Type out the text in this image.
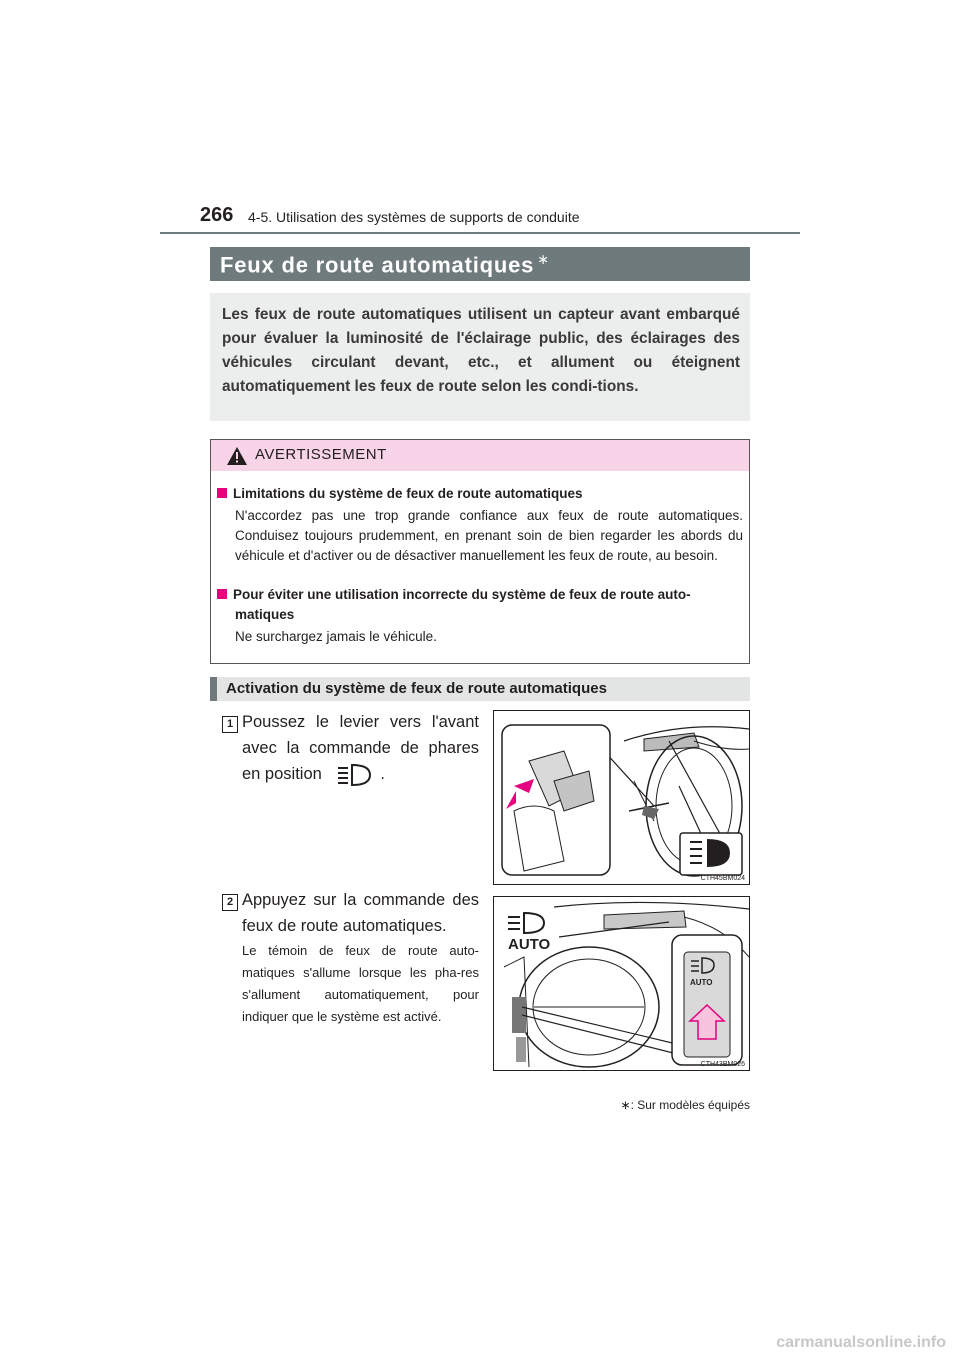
266 4-5. Utilisation des systèmes de supports de conduite
Feux de route automatiques ∗

Les feux de route automatiques utilisent un capteur avant embarqué pour évaluer la luminosité de l'éclairage public, des éclairages des véhicules circulant devant, etc., et allument ou éteignent automatiquement les feux de route selon les condi-tions.

AVERTISSEMENT
Limitations du système de feux de route automatiques
N'accordez pas une trop grande confiance aux feux de route automatiques. Conduisez toujours prudemment, en prenant soin de bien regarder les abords du véhicule et d'activer ou de désactiver manuellement les feux de route, au besoin.
Pour éviter une utilisation incorrecte du système de feux de route auto-matiques
Ne surchargez jamais le véhicule.
Activation du système de feux de route automatiques
1 Poussez le levier vers l'avant avec la commande de phares en position	.
CTH45BM024
2 Appuyez sur la commande des feux de route automatiques.
Le témoin de feux de route auto-matiques s'allume lorsque les pha-res s'allument automatiquement, pour indiquer que le système est activé.
AUTO
AUTO
CTH43BM026
∗: Sur modèles équipés
carmanualsonline.info
